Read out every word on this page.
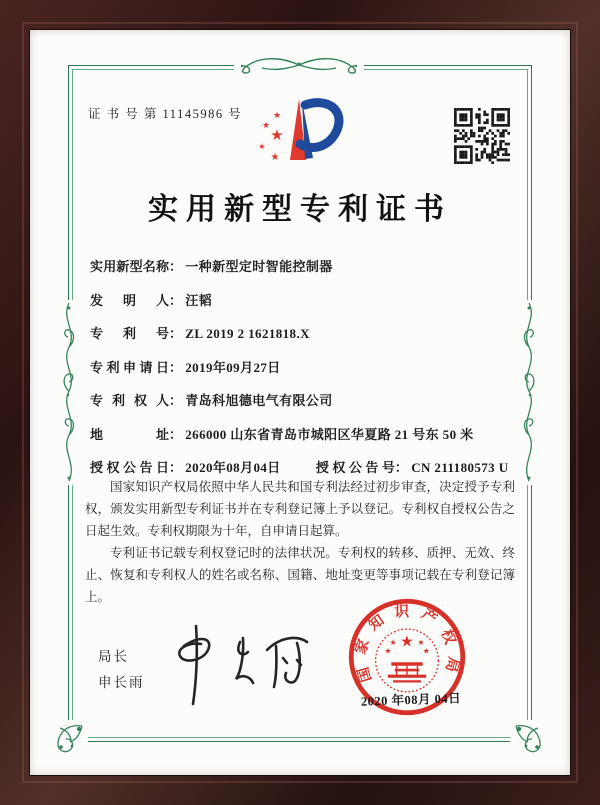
证 书 号 第 11145986 号
★
★
★
★
★
实用新型专利证书
实用新型名称： 一种新型定时智能控制器
发明人： 汪韬
专利号： ZL 2019 2 1621818.X
专利申请日： 2019年09月27日
专利权人： 青岛科旭德电气有限公司
地址： 266000 山东省青岛市城阳区华夏路 21 号东 50 米
授权公告日： 2020年08月04日	授权公告号： CN 211180573 U

国家知识产权局依照中华人民共和国专利法经过初步审查，决定授予专利权，颁发实用新型专利证书并在专利登记簿上予以登记。专利权自授权公告之日起生效。专利权期限为十年，自申请日起算。

专利证书记载专利权登记时的法律状况。专利权的转移、质押、无效、终止、恢复和专利权人的姓名或名称、国籍、地址变更等事项记载在专利登记簿上。

局长
申长雨	国家知识产权局
★
★ ★
★	★
2020 年08月 04日
